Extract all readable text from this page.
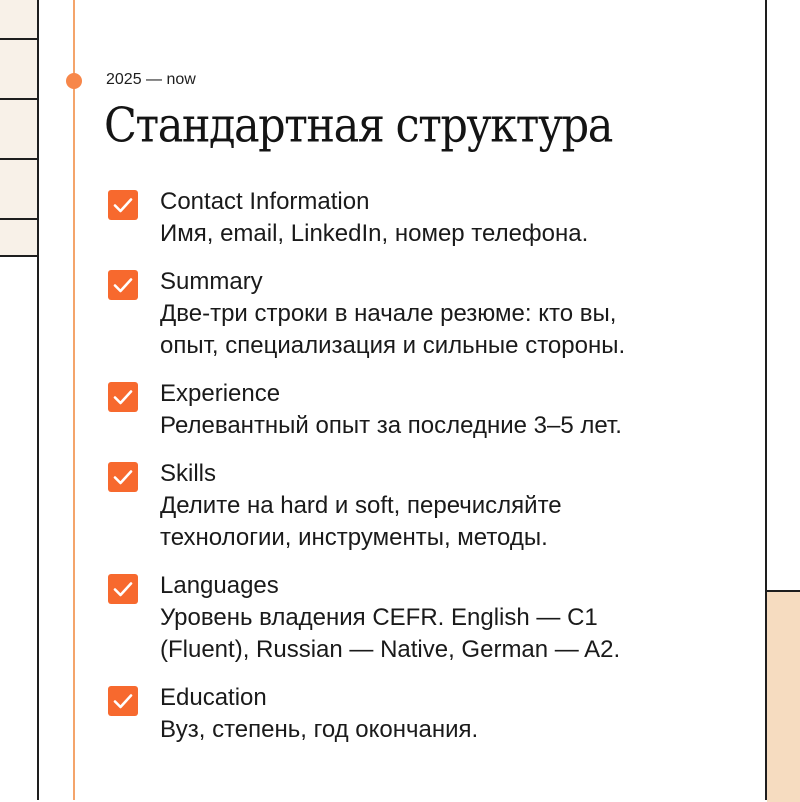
2025 — now
Стандартная структура
Contact Information
Имя, email, LinkedIn, номер телефона.
Summary
Две-три строки в начале резюме: кто вы,
опыт, специализация и сильные стороны.
Experience
Релевантный опыт за последние 3–5 лет.
Skills
Делите на hard и soft, перечисляйте
технологии, инструменты, методы.
Languages
Уровень владения CEFR. English — C1
(Fluent), Russian — Native, German — A2.
Education
Вуз, степень, год окончания.
